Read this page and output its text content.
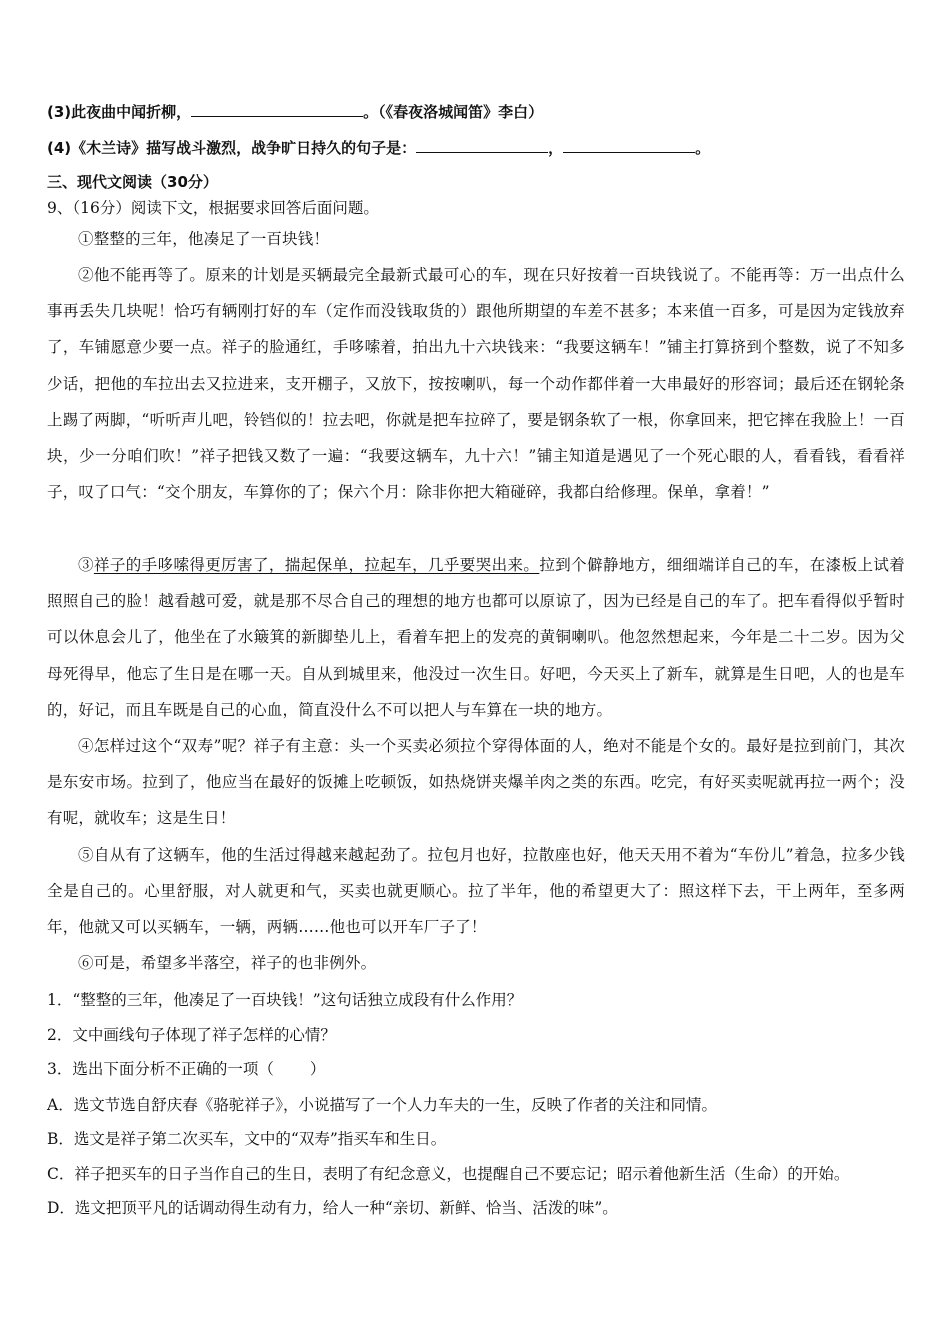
(3)此夜曲中闻折柳，	。（《春夜洛城闻笛》李白）
(4)《木兰诗》描写战斗激烈，战争旷日持久的句子是：	，	。
三、现代文阅读（30分）
9、（16分）阅读下文，根据要求回答后面问题。
①整整的三年，他凑足了一百块钱！
②他不能再等了。原来的计划是买辆最完全最新式最可心的车，现在只好按着一百块钱说了。不能再等：万一出点什么事再丢失几块呢！恰巧有辆刚打好的车（定作而没钱取货的）跟他所期望的车差不甚多；本来值一百多，可是因为定钱放弃了，车铺愿意少要一点。祥子的脸通红，手哆嗦着，拍出九十六块钱来：“我要这辆车！”铺主打算挤到个整数，说了不知多少话，把他的车拉出去又拉进来，支开棚子，又放下，按按喇叭，每一个动作都伴着一大串最好的形容词；最后还在钢轮条上踢了两脚，“听听声儿吧，铃铛似的！拉去吧，你就是把车拉碎了，要是钢条软了一根，你拿回来，把它摔在我脸上！一百块，少一分咱们吹！”祥子把钱又数了一遍：“我要这辆车，九十六！”铺主知道是遇见了一个死心眼的人，看看钱，看看祥子，叹了口气：“交个朋友，车算你的了；保六个月：除非你把大箱碰碎，我都白给修理。保单，拿着！”
③祥子的手哆嗦得更厉害了，揣起保单，拉起车，几乎要哭出来。拉到个僻静地方，细细端详自己的车，在漆板上试着照照自己的脸！越看越可爱，就是那不尽合自己的理想的地方也都可以原谅了，因为已经是自己的车了。把车看得似乎暂时可以休息会儿了，他坐在了水簸箕的新脚垫儿上，看着车把上的发亮的黄铜喇叭。他忽然想起来，今年是二十二岁。因为父母死得早，他忘了生日是在哪一天。自从到城里来，他没过一次生日。好吧，今天买上了新车，就算是生日吧，人的也是车的，好记，而且车既是自己的心血，简直没什么不可以把人与车算在一块的地方。
④怎样过这个“双寿”呢？祥子有主意：头一个买卖必须拉个穿得体面的人，绝对不能是个女的。最好是拉到前门，其次是东安市场。拉到了，他应当在最好的饭摊上吃顿饭，如热烧饼夹爆羊肉之类的东西。吃完，有好买卖呢就再拉一两个；没有呢，就收车；这是生日！
⑤自从有了这辆车，他的生活过得越来越起劲了。拉包月也好，拉散座也好，他天天用不着为“车份儿”着急，拉多少钱全是自己的。心里舒服，对人就更和气，买卖也就更顺心。拉了半年，他的希望更大了：照这样下去，干上两年，至多两年，他就又可以买辆车，一辆，两辆……他也可以开车厂子了！
⑥可是，希望多半落空，祥子的也非例外。
1．“整整的三年，他凑足了一百块钱！”这句话独立成段有什么作用？
2．文中画线句子体现了祥子怎样的心情？
3．选出下面分析不正确的一项（ ）
A．选文节选自舒庆春《骆驼祥子》，小说描写了一个人力车夫的一生，反映了作者的关注和同情。
B．选文是祥子第二次买车，文中的“双寿”指买车和生日。
C．祥子把买车的日子当作自己的生日，表明了有纪念意义，也提醒自己不要忘记；昭示着他新生活（生命）的开始。
D．选文把顶平凡的话调动得生动有力，给人一种“亲切、新鲜、恰当、活泼的味”。
